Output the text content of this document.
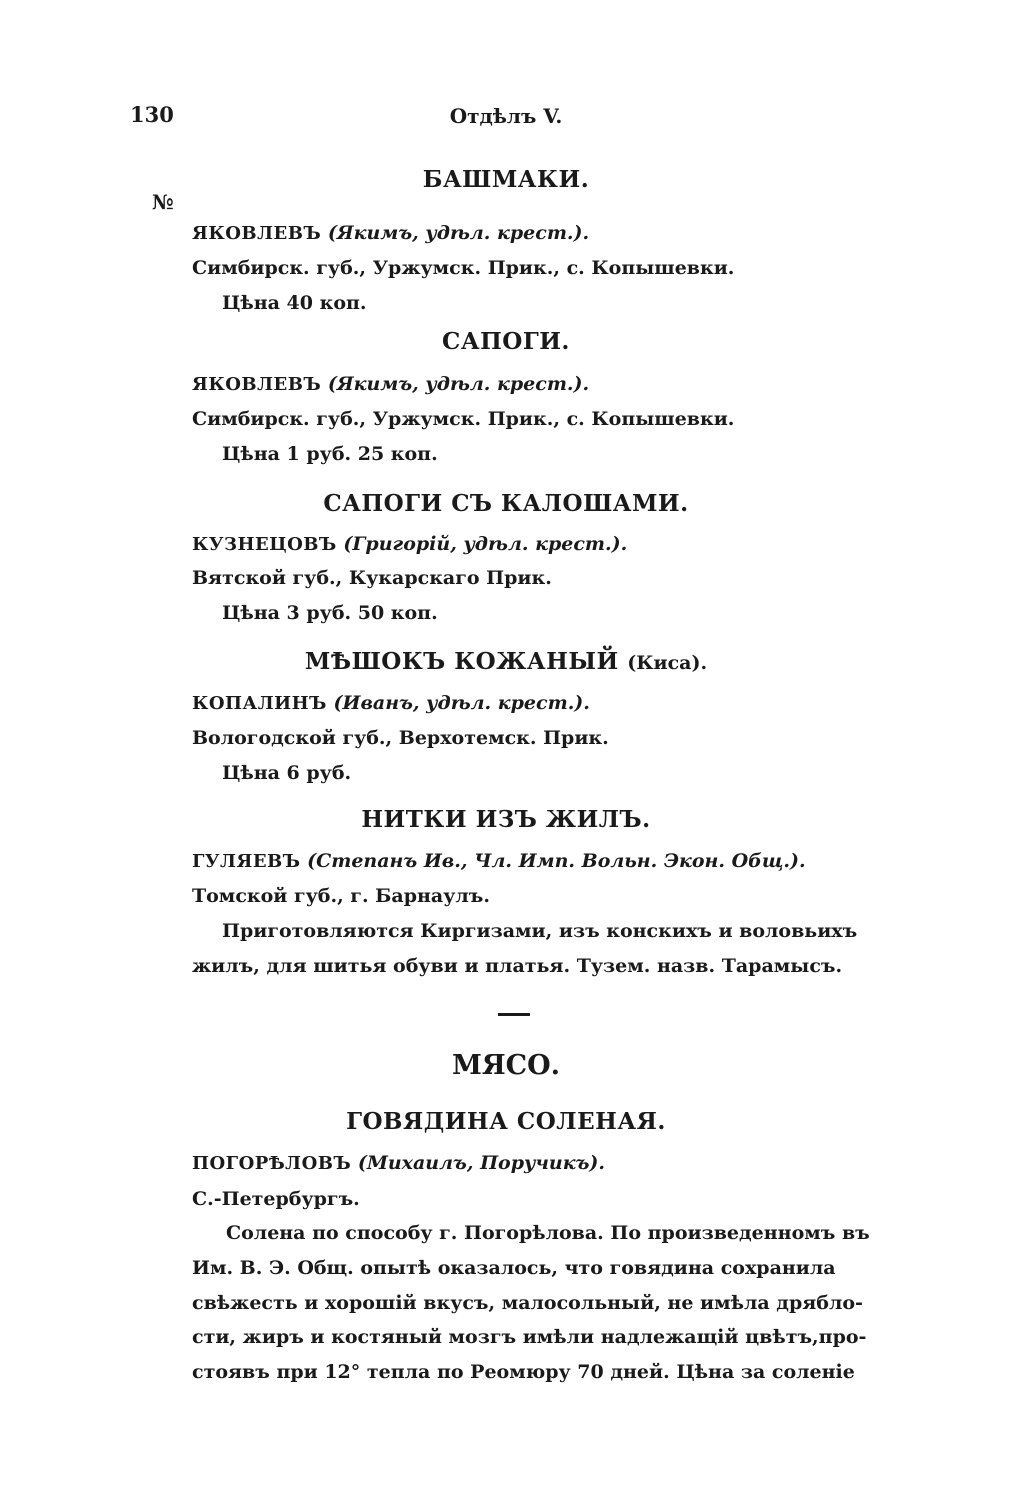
130	Отдѣлъ V.
№
БАШМАКИ.
ЯКОВЛЕВЪ (Якимъ, удѣл. крест.).
Симбирск. губ., Уржумск. Прик., с. Копышевки.
Цѣна 40 коп.
САПОГИ.
ЯКОВЛЕВЪ (Якимъ, удѣл. крест.).
Симбирск. губ., Уржумск. Прик., с. Копышевки.
Цѣна 1 руб. 25 коп.
САПОГИ СЪ КАЛОШАМИ.
КУЗНЕЦОВЪ (Григорій, удѣл. крест.).
Вятской губ., Кукарскаго Прик.
Цѣна 3 руб. 50 коп.
МѢШОКЪ КОЖАНЫЙ (Киса).
КОПАЛИНЪ (Иванъ, удѣл. крест.).
Вологодской губ., Верхотемск. Прик.
Цѣна 6 руб.
НИТКИ ИЗЪ ЖИЛЪ.
ГУЛЯЕВЪ (Степанъ Ив., Чл. Имп. Вольн. Экон. Общ.).
Томской губ., г. Барнаулъ.
Приготовляются Киргизами, изъ конскихъ и воловьихъ
жилъ, для шитья обуви и платья. Тузем. назв. Тарамысъ.
МЯСО.
ГОВЯДИНА СОЛЕНАЯ.
ПОГОРѢЛОВЪ (Михаилъ, Поручикъ).
С.-Петербургъ.
Солена по способу г. Погорѣлова. По произведенномъ въ
Им. В. Э. Общ. опытѣ оказалось, что говядина сохранила
свѣжесть и хорошій вкусъ, малосольный, не имѣла дрябло-
сти, жиръ и костяный мозгъ имѣли надлежащій цвѣтъ,про-
стоявъ при 12° тепла по Реомюру 70 дней. Цѣна за соленіе
